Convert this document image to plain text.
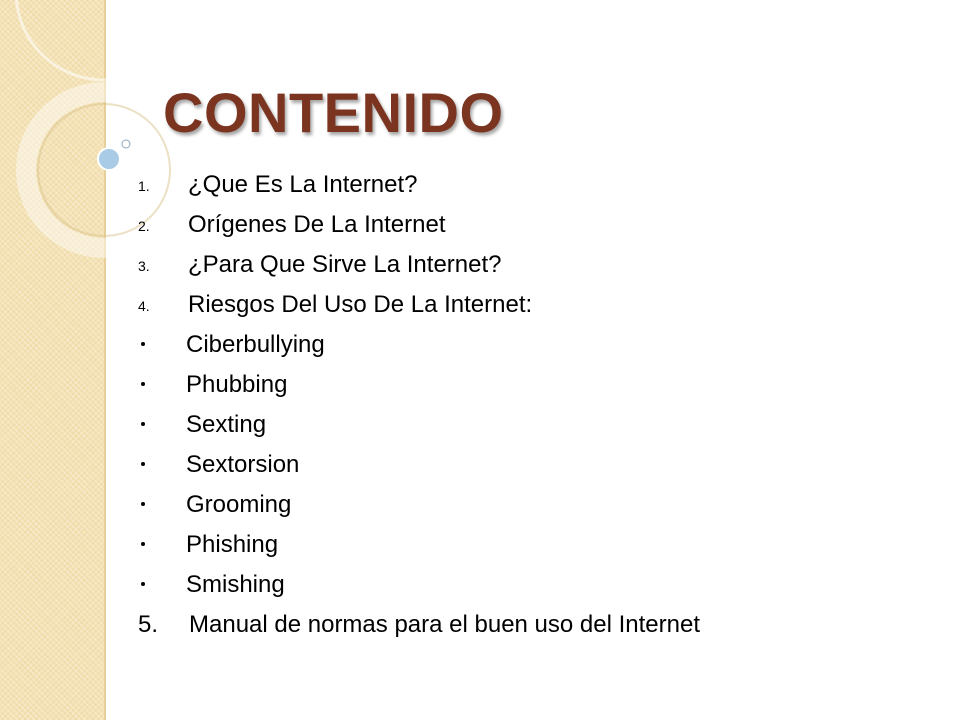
CONTENIDO
1. ¿Que Es La Internet?
2. Orígenes De La Internet
3. ¿Para Que Sirve La Internet?
4. Riesgos Del Uso De La Internet:
Ciberbullying
Phubbing
Sexting
Sextorsion
Grooming
Phishing
Smishing
5. Manual de normas para el buen uso del Internet
